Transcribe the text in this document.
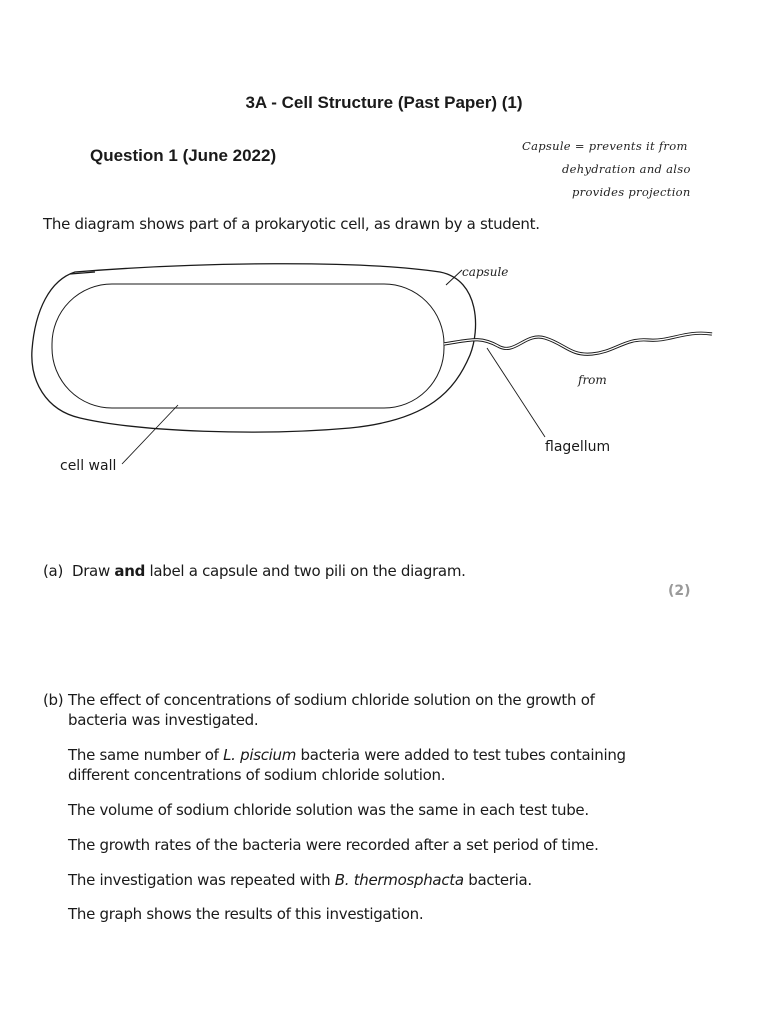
3A - Cell Structure (Past Paper) (1)
Question 1 (June 2022)	Capsule = prevents it from
dehydration and also
provides projection
The diagram shows part of a prokaryotic cell, as drawn by a student.
capsule
flagellum
from
cell wall
(a) Draw and label a capsule and two pili on the diagram.
(2)
(b) The effect of concentrations of sodium chloride solution on the growth of
bacteria was investigated.
The same number of L. piscium bacteria were added to test tubes containing
different concentrations of sodium chloride solution.
The volume of sodium chloride solution was the same in each test tube.
The growth rates of the bacteria were recorded after a set period of time.
The investigation was repeated with B. thermosphacta bacteria.
The graph shows the results of this investigation.
